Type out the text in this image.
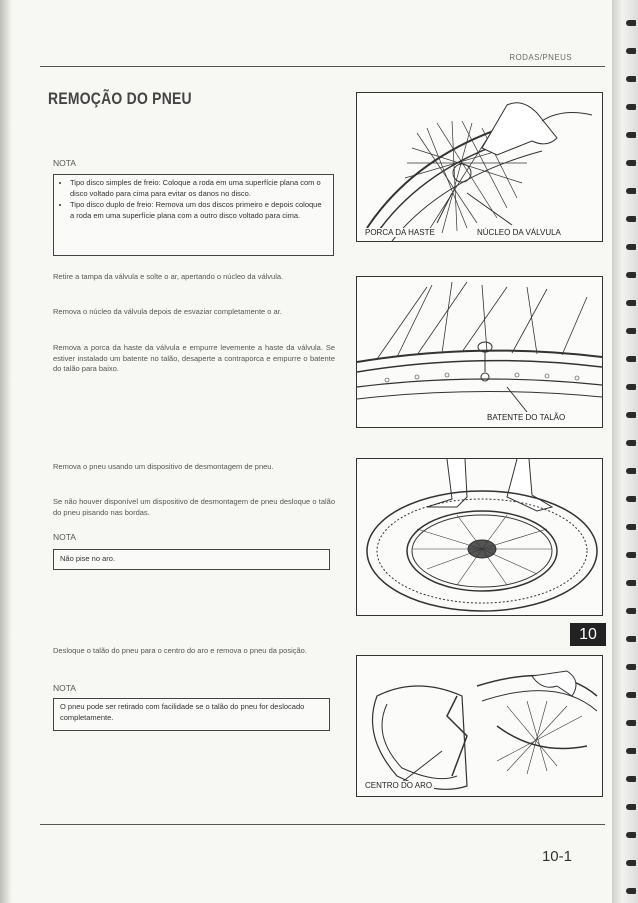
RODAS/PNEUS
REMOÇÃO DO PNEU
NOTA
• Tipo disco simples de freio: Coloque a roda em uma superfície plana com o disco voltado para cima para evitar os danos no disco.
• Tipo disco duplo de freio: Remova um dos discos primeiro e depois coloque a roda em uma superfície plana com a outro disco voltado para cima.
Retire a tampa da válvula e solte o ar, apertando o núcleo da válvula.
Remova o núcleo da válvula depois de esvaziar completamente o ar.
Remova a porca da haste da válvula e empurre levemente a haste da válvula. Se estiver instalado um batente no talão, desaperte a contraporca e empurre o batente do talão para baixo.
Remova o pneu usando um dispositivo de desmontagem de pneu.
Se não houver disponível um dispositivo de desmontagem de pneu desloque o talão do pneu pisando nas bordas.
NOTA
Não pise no aro.
Desloque o talão do pneu para o centro do aro e remova o pneu da posição.
NOTA
O pneu pode ser retirado com facilidade se o talão do pneu for deslocado completamente.
PORCA DA HASTE	NÚCLEO DA VÁLVULA
BATENTE DO TALÃO
CENTRO DO ARO
10
10-1
